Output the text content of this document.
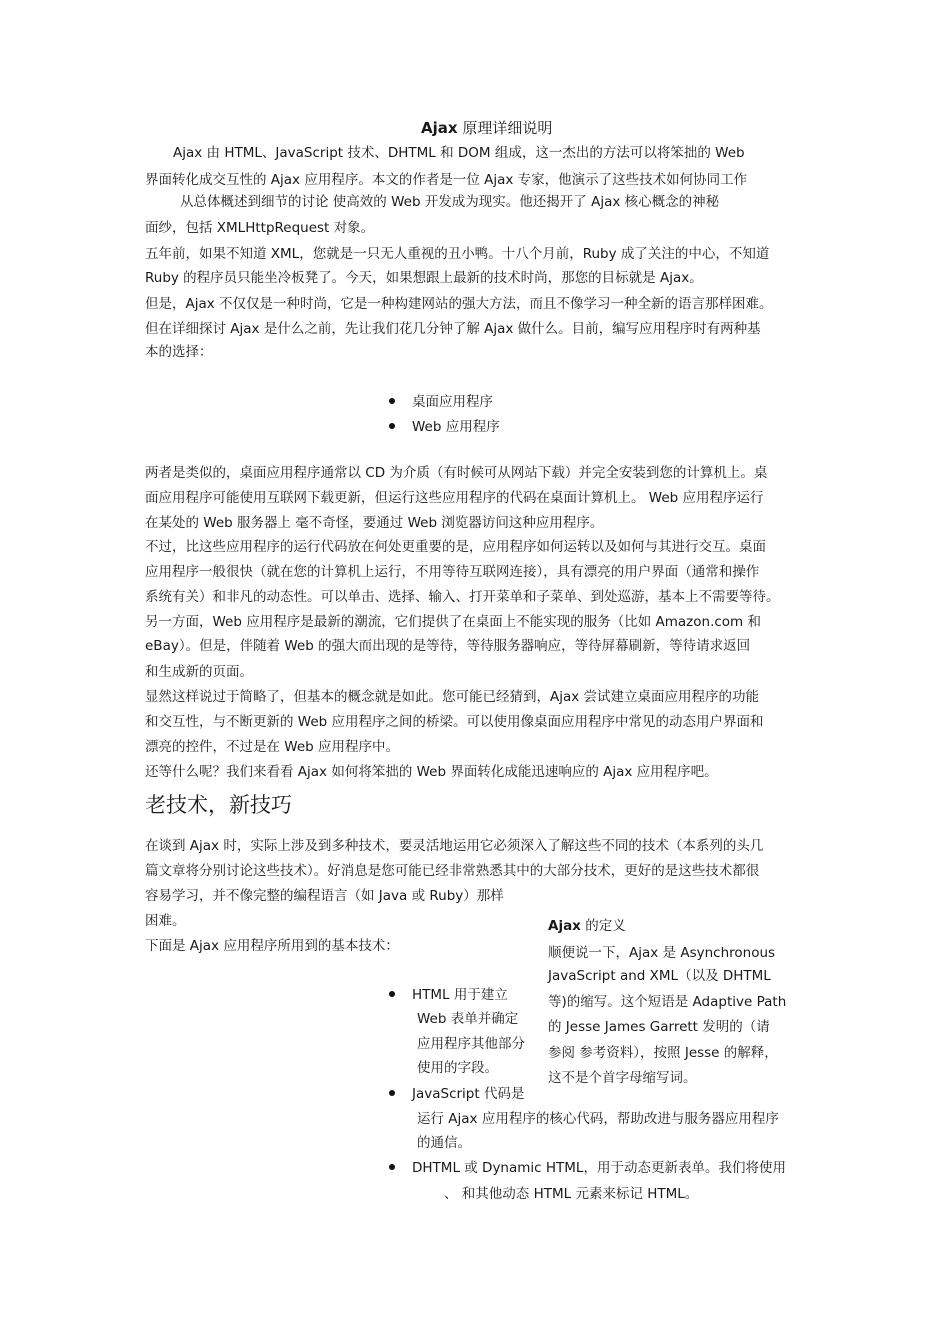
Ajax 原理详细说明
Ajax 由 HTML、JavaScript 技术、DHTML 和 DOM 组成，这一杰出的方法可以将笨拙的 Web
界面转化成交互性的 Ajax 应用程序。本文的作者是一位 Ajax 专家，他演示了这些技术如何协同工作
从总体概述到细节的讨论 使高效的 Web 开发成为现实。他还揭开了 Ajax 核心概念的神秘
面纱，包括 XMLHttpRequest 对象。
五年前，如果不知道 XML，您就是一只无人重视的丑小鸭。十八个月前，Ruby 成了关注的中心，不知道
Ruby 的程序员只能坐冷板凳了。今天，如果想跟上最新的技术时尚，那您的目标就是 Ajax。
但是，Ajax 不仅仅是一种时尚，它是一种构建网站的强大方法，而且不像学习一种全新的语言那样困难。
但在详细探讨 Ajax 是什么之前，先让我们花几分钟了解 Ajax 做什么。目前，编写应用程序时有两种基
本的选择：
桌面应用程序
Web 应用程序
两者是类似的，桌面应用程序通常以 CD 为介质（有时候可从网站下载）并完全安装到您的计算机上。桌
面应用程序可能使用互联网下载更新，但运行这些应用程序的代码在桌面计算机上。 Web 应用程序运行
在某处的 Web 服务器上 毫不奇怪，要通过 Web 浏览器访问这种应用程序。
不过，比这些应用程序的运行代码放在何处更重要的是，应用程序如何运转以及如何与其进行交互。桌面
应用程序一般很快（就在您的计算机上运行，不用等待互联网连接），具有漂亮的用户界面（通常和操作
系统有关）和非凡的动态性。可以单击、选择、输入、打开菜单和子菜单、到处巡游，基本上不需要等待。
另一方面，Web 应用程序是最新的潮流，它们提供了在桌面上不能实现的服务（比如 Amazon.com 和
eBay）。但是，伴随着 Web 的强大而出现的是等待，等待服务器响应，等待屏幕刷新，等待请求返回
和生成新的页面。
显然这样说过于简略了，但基本的概念就是如此。您可能已经猜到，Ajax 尝试建立桌面应用程序的功能
和交互性，与不断更新的 Web 应用程序之间的桥梁。可以使用像桌面应用程序中常见的动态用户界面和
漂亮的控件，不过是在 Web 应用程序中。
还等什么呢？我们来看看 Ajax 如何将笨拙的 Web 界面转化成能迅速响应的 Ajax 应用程序吧。
老技术，新技巧
在谈到 Ajax 时，实际上涉及到多种技术，要灵活地运用它必须深入了解这些不同的技术（本系列的头几
篇文章将分别讨论这些技术）。好消息是您可能已经非常熟悉其中的大部分技术，更好的是这些技术都很
容易学习，并不像完整的编程语言（如 Java 或 Ruby）那样
困难。
下面是 Ajax 应用程序所用到的基本技术：
Ajax 的定义
顺便说一下，Ajax 是 Asynchronous
JavaScript and XML（以及 DHTML
等)的缩写。这个短语是 Adaptive Path
的 Jesse James Garrett 发明的（请
参阅 参考资料），按照 Jesse 的解释，
这不是个首字母缩写词。
HTML 用于建立
Web 表单并确定
应用程序其他部分
使用的字段。
JavaScript 代码是
运行 Ajax 应用程序的核心代码，帮助改进与服务器应用程序
的通信。
DHTML 或 Dynamic HTML，用于动态更新表单。我们将使用
、 和其他动态 HTML 元素来标记 HTML。
